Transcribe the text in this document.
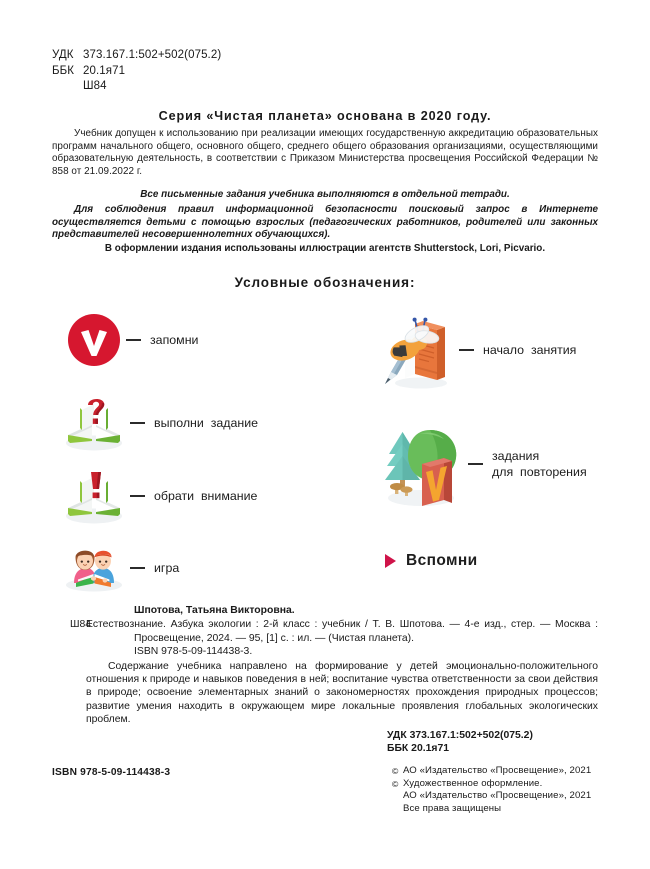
УДК 373.167.1:502+502(075.2)
ББК 20.1я71
Ш84
Серия «Чистая планета» основана в 2020 году.
Учебник допущен к использованию при реализации имеющих государственную аккредитацию образовательных программ начального общего, основного общего, среднего общего образования организациями, осуществляющими образовательную деятельность, в соответствии с Приказом Министерства просвещения Российской Федерации № 858 от 21.09.2022 г.
Все письменные задания учебника выполняются в отдельной тетради.
Для соблюдения правил информационной безопасности поисковый запрос в Интернете осуществляется детьми с помощью взрослых (педагогических работников, родителей или законных представителей несовершеннолетних обучающихся).
В оформлении издания использованы иллюстрации агентств Shutterstock, Lori, Picvario.
Условные обозначения:
запомни
выполни  задание
обрати  внимание
игра
начало  занятия
задания
для  повторения
Вспомни
Шпотова, Татьяна Викторовна.
Ш84
Естествознание. Азбука экологии : 2-й класс : учебник / Т. В. Шпотова. — 4-е изд., стер. — Москва : Просвещение, 2024. — 95, [1] с. : ил. — (Чистая планета).
ISBN 978-5-09-114438-3.
Содержание учебника направлено на формирование у детей эмоционально-положительного отношения к природе и навыков поведения в ней; воспитание чувства ответственности за свои действия в природе; освоение элементарных знаний о закономерностях прохождения природных процессов; развитие умения находить в окружающем мире локальные проявления глобальных экологических проблем.
УДК 373.167.1:502+502(075.2)
ББК 20.1я71
ISBN 978-5-09-114438-3	© АО «Издательство «Просвещение», 2021
© Художественное оформление.
АО «Издательство «Просвещение», 2021
Все права защищены
